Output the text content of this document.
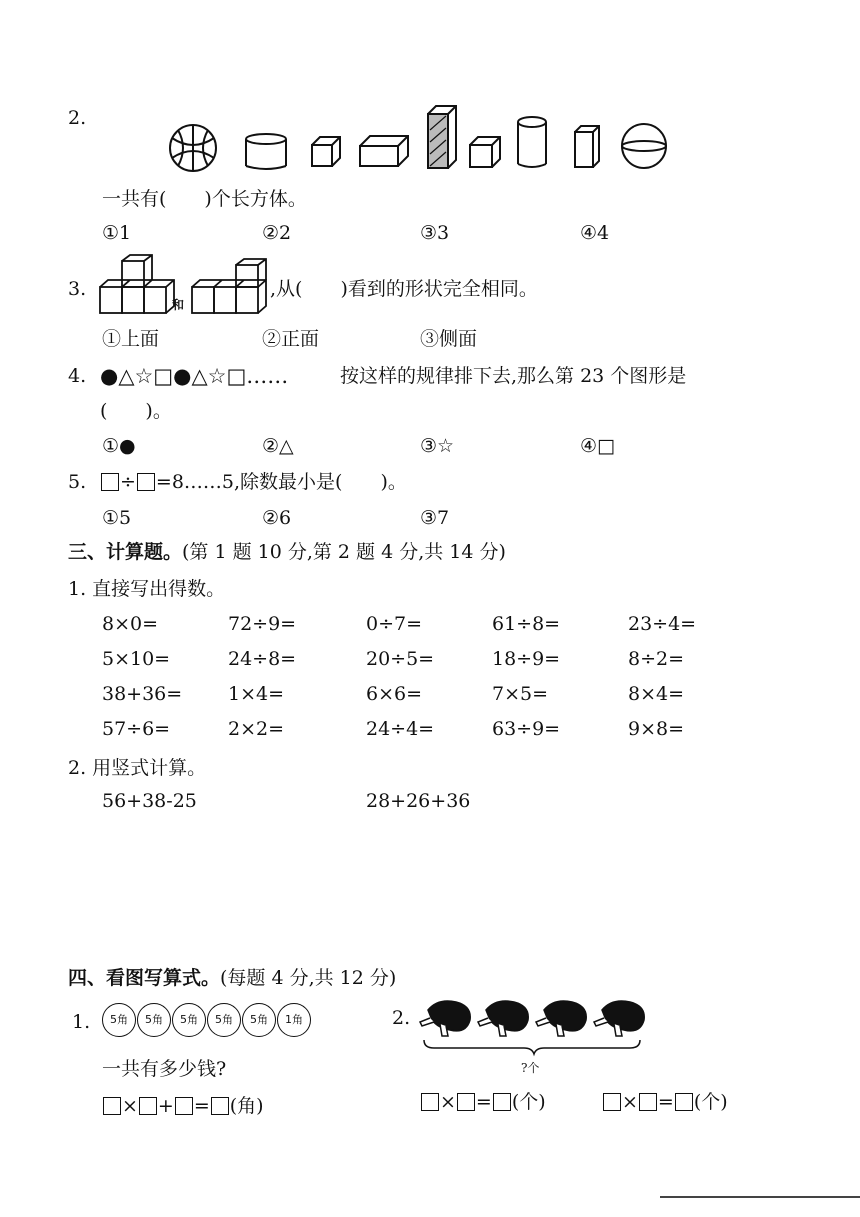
2.
一共有(　　)个长方体。
①1	②2	③3	④4
3.
和
,从(　　)看到的形状完全相同。
①上面	②正面	③侧面
4. ●△☆□●△☆□……	按这样的规律排下去,那么第 23 个图形是
(　　)。
①●	②△	③☆	④□
5.	÷ =8……5,除数最小是(　　)。
①5	②6	③7
三、计算题。(第 1 题 10 分,第 2 题 4 分,共 14 分)
1. 直接写出得数。
8×0=	72÷9=	0÷7=	61÷8=	23÷4=
5×10=	24÷8=	20÷5=	18÷9=	8÷2=
38+36= 1×4=	6×6=	7×5=	8×4=
57÷6=	2×2=	24÷4=	63÷9=	9×8=
2. 用竖式计算。
56+38-25	28+26+36
四、看图写算式。(每题 4 分,共 12 分)
1.	5角 5角 5角 5角 5角 1角
一共有多少钱?
× + = (角)
2.
?个
× = (个)	× = (个)
